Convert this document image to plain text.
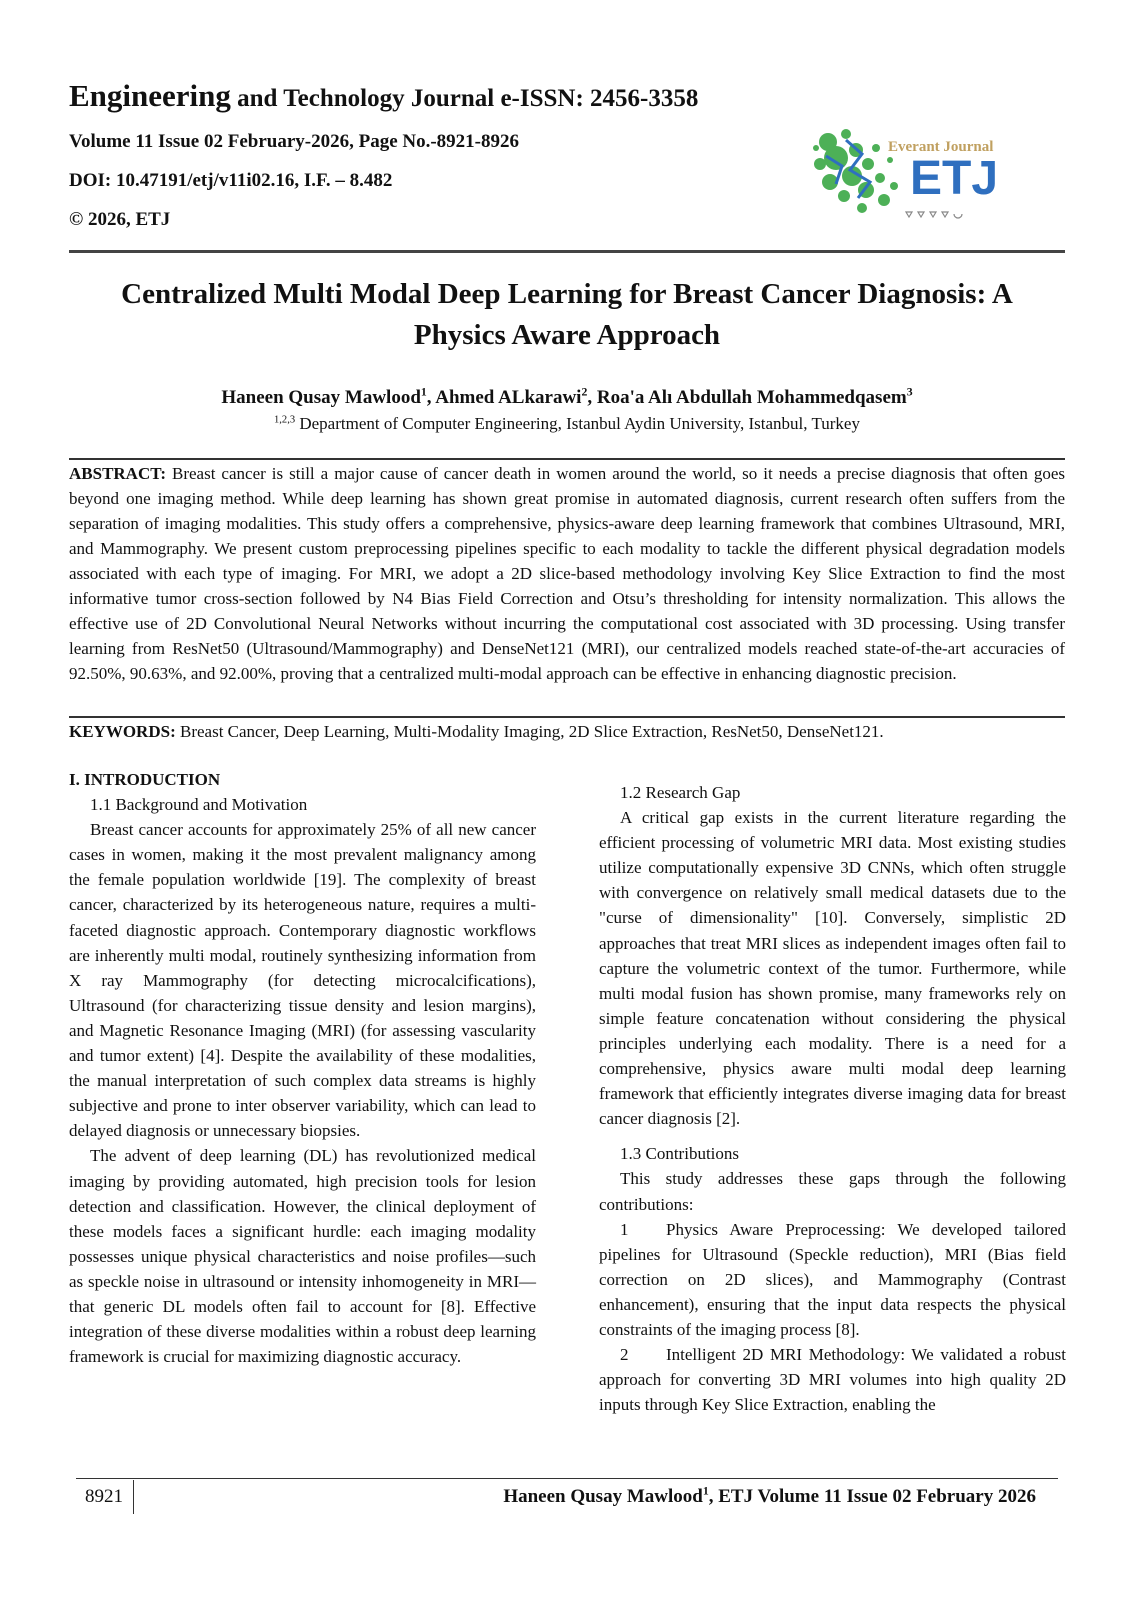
Engineering and Technology Journal e-ISSN: 2456-3358
Volume 11 Issue 02 February-2026, Page No.-8921-8926
DOI: 10.47191/etj/v11i02.16, I.F. – 8.482
© 2026, ETJ
Everant Journal
ETJ
Centralized Multi Modal Deep Learning for Breast Cancer Diagnosis: A
Physics Aware Approach
Haneen Qusay Mawlood$^1$, Ahmed ALkarawi$^2$, Roa'a Alı Abdullah Mohammedqasem$^3$
$^{1,2,3}$ Department of Computer Engineering, Istanbul Aydin University, Istanbul, Turkey
ABSTRACT: Breast cancer is still a major cause of cancer death in women around the world, so it needs a precise diagnosis that often goes beyond one imaging method. While deep learning has shown great promise in automated diagnosis, current research often suffers from the separation of imaging modalities. This study offers a comprehensive, physics-aware deep learning framework that combines Ultrasound, MRI, and Mammography. We present custom preprocessing pipelines specific to each modality to tackle the different physical degradation models associated with each type of imaging. For MRI, we adopt a 2D slice-based methodology involving Key Slice Extraction to find the most informative tumor cross-section followed by N4 Bias Field Correction and Otsu’s thresholding for intensity normalization. This allows the effective use of 2D Convolutional Neural Networks without incurring the computational cost associated with 3D processing. Using transfer learning from ResNet50 (Ultrasound/Mammography) and DenseNet121 (MRI), our centralized models reached state-of-the-art accuracies of 92.50%, 90.63%, and 92.00%, proving that a centralized multi-modal approach can be effective in enhancing diagnostic precision.
KEYWORDS: Breast Cancer, Deep Learning, Multi-Modality Imaging, 2D Slice Extraction, ResNet50, DenseNet121.
I. INTRODUCTION
1.1 Background and Motivation

Breast cancer accounts for approximately 25% of all new cancer cases in women, making it the most prevalent malignancy among the female population worldwide [19]. The complexity of breast cancer, characterized by its heterogeneous nature, requires a multi-faceted diagnostic approach. Contemporary diagnostic workflows are inherently multi modal, routinely synthesizing information from X ray Mammography (for detecting microcalcifications), Ultrasound (for characterizing tissue density and lesion margins), and Magnetic Resonance Imaging (MRI) (for assessing vascularity and tumor extent) [4]. Despite the availability of these modalities, the manual interpretation of such complex data streams is highly subjective and prone to inter observer variability, which can lead to delayed diagnosis or unnecessary biopsies.

The advent of deep learning (DL) has revolutionized medical imaging by providing automated, high precision tools for lesion detection and classification. However, the clinical deployment of these models faces a significant hurdle: each imaging modality possesses unique physical characteristics and noise profiles—such as speckle noise in ultrasound or intensity inhomogeneity in MRI—that generic DL models often fail to account for [8]. Effective integration of these diverse modalities within a robust deep learning framework is crucial for maximizing diagnostic accuracy.

1.2 Research Gap

A critical gap exists in the current literature regarding the efficient processing of volumetric MRI data. Most existing studies utilize computationally expensive 3D CNNs, which often struggle with convergence on relatively small medical datasets due to the "curse of dimensionality" [10]. Conversely, simplistic 2D approaches that treat MRI slices as independent images often fail to capture the volumetric context of the tumor. Furthermore, while multi modal fusion has shown promise, many frameworks rely on simple feature concatenation without considering the physical principles underlying each modality. There is a need for a comprehensive, physics aware multi modal deep learning framework that efficiently integrates diverse imaging data for breast cancer diagnosis [2].

1.3 Contributions

This study addresses these gaps through the following contributions:

1 Physics Aware Preprocessing: We developed tailored pipelines for Ultrasound (Speckle reduction), MRI (Bias field correction on 2D slices), and Mammography (Contrast enhancement), ensuring that the input data respects the physical constraints of the imaging process [8].

2 Intelligent 2D MRI Methodology: We validated a robust approach for converting 3D MRI volumes into high quality 2D inputs through Key Slice Extraction, enabling the

8921	Haneen Qusay Mawlood$^1$, ETJ Volume 11 Issue 02 February 2026
